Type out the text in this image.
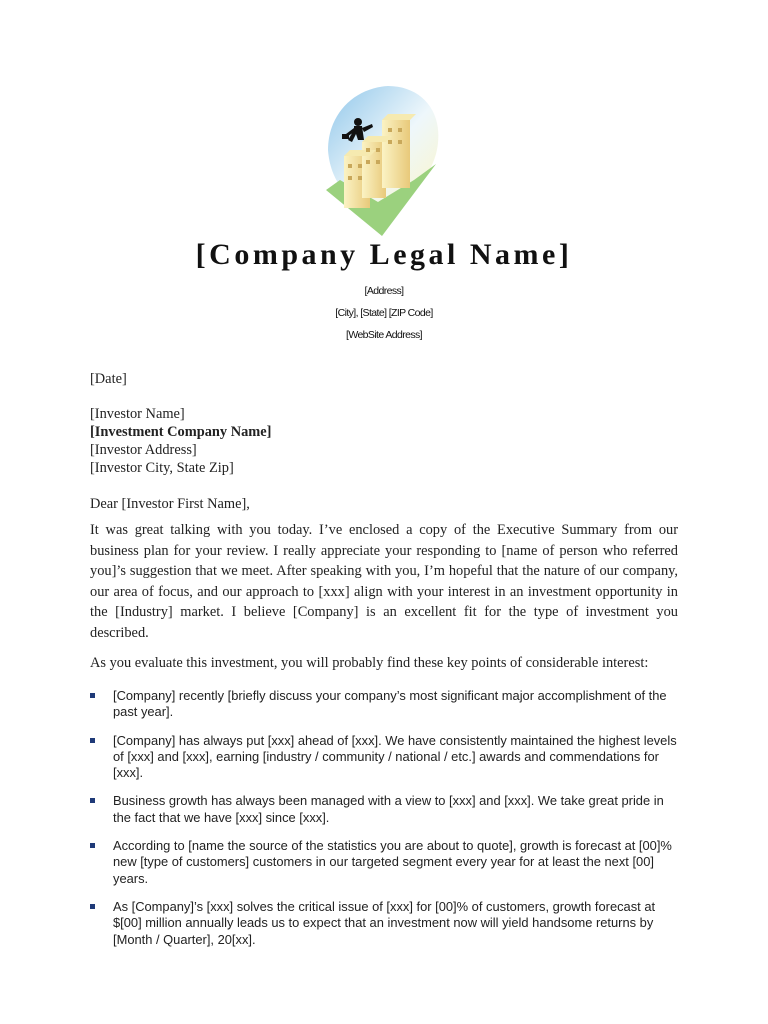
[Company Legal Name]
[Address]
[City], [State] [ZIP Code]
[WebSite Address]
[Date]
[Investor Name]
[Investment Company Name]
[Investor Address]
[Investor City, State Zip]
Dear [Investor First Name],
It was great talking with you today. I’ve enclosed a copy of the Executive Summary from our business plan for your review. I really appreciate your responding to [name of person who referred you]’s suggestion that we meet. After speaking with you, I’m hopeful that the nature of our company, our area of focus, and our approach to [xxx] align with your interest in an investment opportunity in the [Industry] market. I believe [Company] is an excellent fit for the type of investment you described.
As you evaluate this investment, you will probably find these key points of considerable interest:
[Company] recently [briefly discuss your company’s most significant major accomplishment of the past year].
[Company] has always put [xxx] ahead of [xxx]. We have consistently maintained the highest levels of [xxx] and [xxx], earning [industry / community / national / etc.] awards and commendations for [xxx].
Business growth has always been managed with a view to [xxx] and [xxx]. We take great pride in the fact that we have [xxx] since [xxx].
According to [name the source of the statistics you are about to quote], growth is forecast at [00]% new [type of customers] customers in our targeted segment every year for at least the next [00] years.
As [Company]’s [xxx] solves the critical issue of [xxx] for [00]% of customers, growth forecast at $[00] million annually leads us to expect that an investment now will yield handsome returns by [Month / Quarter], 20[xx].
